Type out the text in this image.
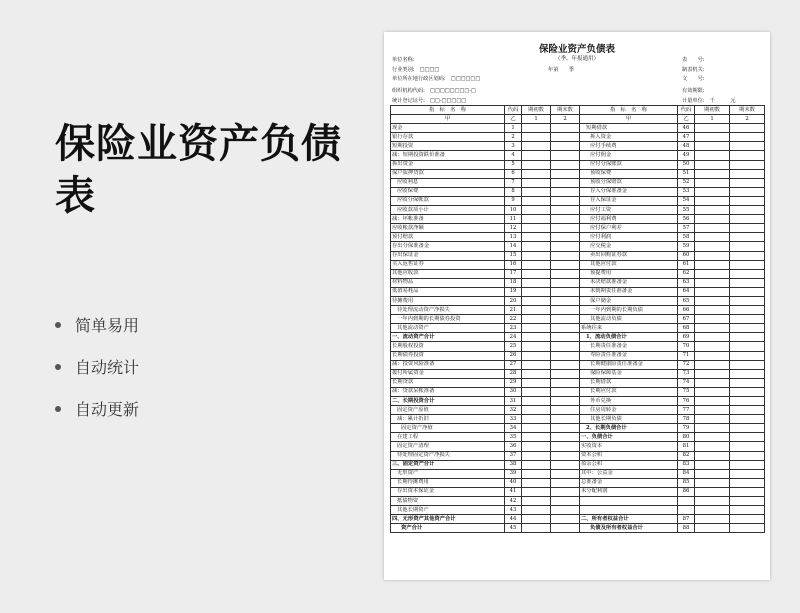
保险业资产负债表
简单易用
自动统计
自动更新
保险业资产负债表
（季、年报通用）
单位名称:
行业类别:　□□□□
单位所在地行政区划码:　□□□□□□
组织机构代码:　□□□□□□□□-□
统计登记证号:　□□-□□□□□
年第　　季
表　　号:
制表机关:
文　　号:
有效期限:
计量单位:　千　　　元
指　标　名　称	代码	期初数	期末数	指　标　名　称	代码	期初数	期末数
甲	乙	1	2	甲	乙	1	2
现金	1			短期借款	46		
银行存款	2			拆入资金	47		
短期投资	3			应付手续费	48		
减：短期投资跌价准备	4			应付佣金	49		
拆出资金	5			应付分保账款	50		
保户质押贷款	6			预收保费	51		
应收利息	7			预收分保赔款	52		
应收保费	8			存入分保准备金	53		
应收分保帐款	9			存入保证金	54		
应收款项小计	10			应付工资	55		
减：坏帐准备	11			应付福利费	56		
应收帐款净额	12			应付保户利差	57		
预付赔款	13			应付利润	58		
存出分保准备金	14			应交税金	59		
存出保证金	15			卖出回购证券款	60		
买入返售证券	16			其他应付款	61		
其他应收款	17			预提费用	62		
材料物品	18			未决赔款准备金	63		
低值易耗品	19			未到期责任准备金	64		
待摊费用	20			保户储金	65		
待处理流动资产净损失	21			一年内到期的长期负债	66		
一年内到期的长期债券投资	22			其他流动负债	67		
其他流动资产	23			系统往来	68		
一、流动资产合计	24			1、流动负债合计	69		
长期股权投资	25			长期责任准备金	70		
长期债券投资	26			寿险责任准备金	71		
减：投资风险准备	27			长期健康险责任准备金	72		
拨付所属资金	28			保险保障基金	73		
长期贷款	29			长期借款	74		
减：贷款呆帐准备	30			长期应付款	75		
二、长期投资合计	31			外币兑换	76		
固定资产原值	32			住房周转金	77		
减：累计折旧	33			其他长期负债	78		
固定资产净值	34			2、长期负债合计	79		
在建工程	35			一、负债合计	80		
固定资产清理	36			实收资本	81		
待处理固定资产净损失	37			资本公积	82		
三、固定资产合计	38			盈余公积	83		
无形资产	39			其中：公益金	84		
长期待摊费用	40			总准备金	85		
存出资本保证金	41			未分配利润	86		
抵债物资	42						
其他长期资产	43						
四、无形资产其他资产合计	44			二、所有者权益合计	87		
资产合计	45			负债及所有者权益合计	88		
